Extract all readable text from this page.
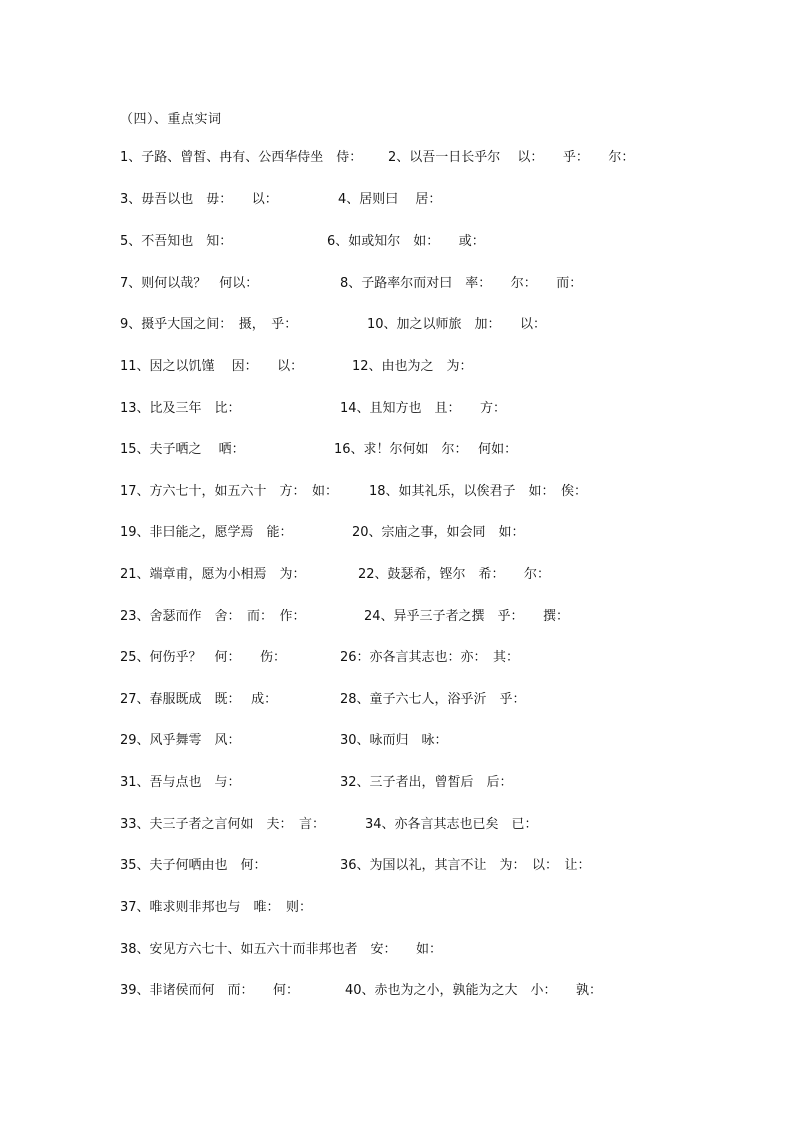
（四）、重点实词
1、子路、曾皙、冉有、公西华侍坐　侍： 2、以吾一日长乎尔　 以：　　乎：　　尔：
3、毋吾以也　毋：　　以：	4、居则曰　 居：
5、不吾知也　知：	6、如或知尔　如：　　或：
7、则何以哉？　何以：	8、子路率尔而对曰　率：　　尔：　　而：
9、摄乎大国之间：　摄，　乎：	10、加之以师旅　加：　　以：
11、因之以饥馑　 因：　　以：	12、由也为之　为：
13、比及三年　比：	14、且知方也　且：　　方：
15、夫子哂之　 哂：	16、求！尔何如　尔：　 何如：
17、方六七十，如五六十　方：　如： 18、如其礼乐，以俟君子　如：　俟：
19、非曰能之，愿学焉　能：	20、宗庙之事，如会同　如：
21、端章甫，愿为小相焉　为：	22、鼓瑟希，铿尔　希：　　尔：
23、舍瑟而作　舍：　而：　作：	24、异乎三子者之撰　乎：　　撰：
25、何伤乎？　何：　　伤：	26：亦各言其志也：亦：　其：
27、春服既成　既：　 成：	28、童子六七人，浴乎沂　乎：
29、风乎舞雩　风：	30、咏而归　咏：
31、吾与点也　与：	32、三子者出，曾皙后　后：
33、夫三子者之言何如　夫：　言：	34、亦各言其志也已矣　已：
35、夫子何哂由也　何：	36、为国以礼，其言不让　为：　以：　让：
37、唯求则非邦也与　唯：　则：
38、安见方六七十、如五六十而非邦也者　安：　　如：
39、非诸侯而何　而：　　何：	40、赤也为之小，孰能为之大　小：　　孰：
